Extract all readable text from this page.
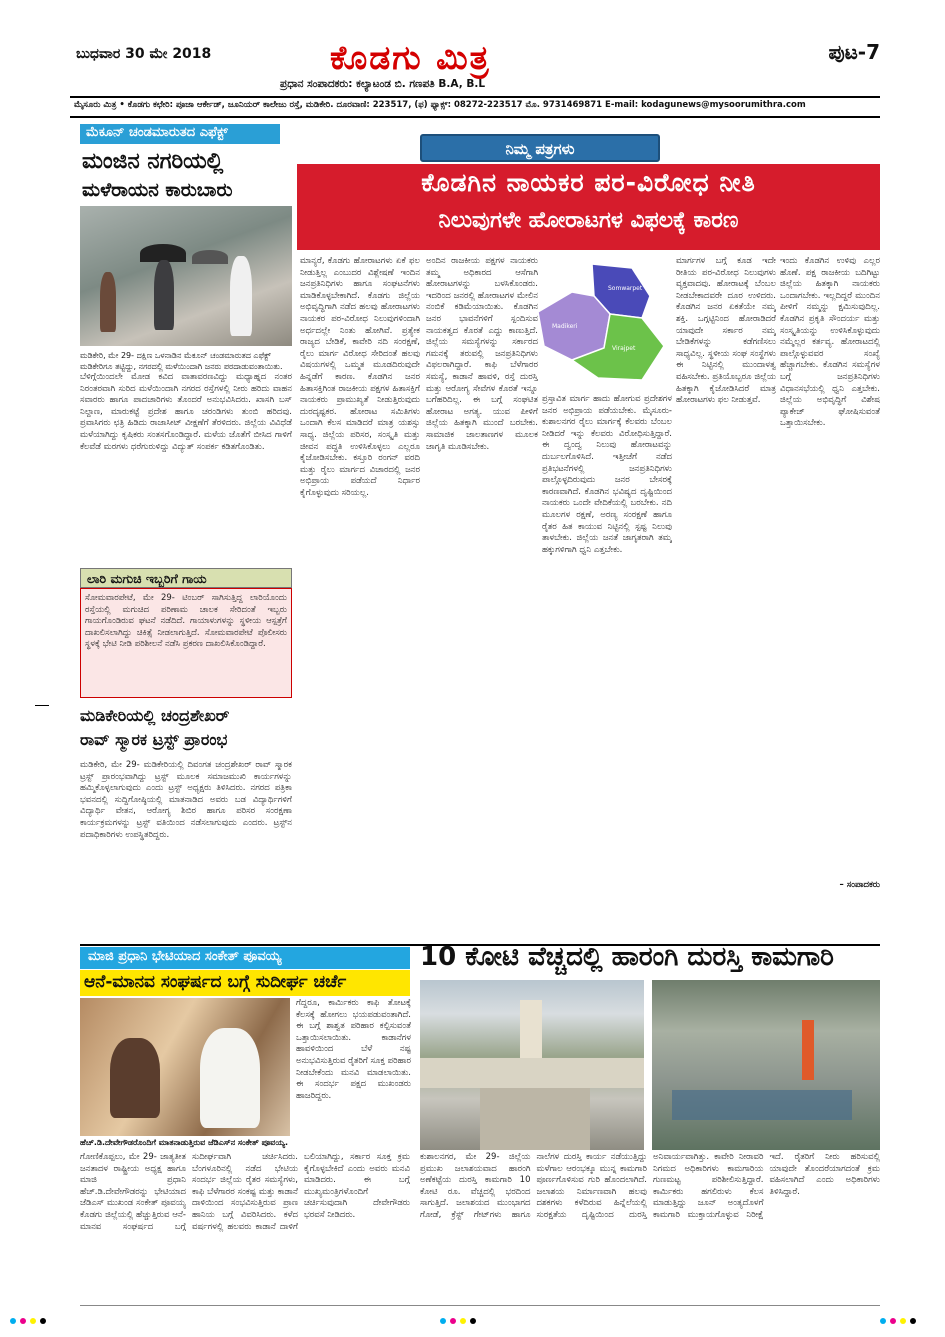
ಬುಧವಾರ 30 ಮೇ 2018	ಕೊಡಗು ಮಿತ್ರ
ಪ್ರಧಾನ ಸಂಪಾದಕರು: ಕಲ್ಯಾಟಂಡ ಬಿ. ಗಣಪತಿ B.A, B.L
ಪುಟ-7
ಮೈಸೂರು ಮಿತ್ರ • ಕೊಡಗು ಕಛೇರಿ: ಪೂಜಾ ಆರ್ಕೇಡ್, ಜೂನಿಯರ್ ಕಾಲೇಜು ರಸ್ತೆ, ಮಡಿಕೇರಿ. ದೂರವಾಣಿ: 223517, (ಫ) ಫ್ಯಾಕ್ಸ್: 08272-223517 ಮೊ. 9731469871 E-mail: kodagunews@mysoorumithra.com
ಮೆಕೂನ್ ಚಂಡಮಾರುತದ ಎಫೆಕ್ಟ್
ಮಂಜಿನ ನಗರಿಯಲ್ಲಿ
ಮಳೆರಾಯನ ಕಾರುಬಾರು
ಮಡಿಕೇರಿ, ಮೇ 29- ದಕ್ಷಿಣ ಒಳನಾಡಿನ ಮೆಕೂನ್ ಚಂಡಮಾರುತದ ಎಫೆಕ್ಟ್ ಮಡಿಕೇರಿಗೂ ತಟ್ಟಿದ್ದು, ನಗರದಲ್ಲಿ ಮಳೆಯಿಂದಾಗಿ ಜನರು ಪರದಾಡುವಂತಾಯಿತು.
ಬೆಳಿಗ್ಗೆಯಿಂದಲೇ ಮೋಡ ಕವಿದ ವಾತಾವರಣವಿದ್ದು ಮಧ್ಯಾಹ್ನದ ನಂತರ ನಿರಂತರವಾಗಿ ಸುರಿದ ಮಳೆಯಿಂದಾಗಿ ನಗರದ ರಸ್ತೆಗಳಲ್ಲಿ ನೀರು ಹರಿದು ವಾಹನ ಸವಾರರು ಹಾಗೂ ಪಾದಚಾರಿಗಳು ತೊಂದರೆ ಅನುಭವಿಸಿದರು. ಖಾಸಗಿ ಬಸ್ ನಿಲ್ದಾಣ, ಮಾರುಕಟ್ಟೆ ಪ್ರದೇಶ ಹಾಗೂ ಚರಂಡಿಗಳು ತುಂಬಿ ಹರಿದವು. ಪ್ರವಾಸಿಗರು ಛತ್ರಿ ಹಿಡಿದು ರಾಜಾಸೀಟ್ ವೀಕ್ಷಣೆಗೆ ತೆರಳಿದರು. ಜಿಲ್ಲೆಯ ವಿವಿಧೆಡೆ ಮಳೆಯಾಗಿದ್ದು ಕೃಷಿಕರು ಸಂತಸಗೊಂಡಿದ್ದಾರೆ. ಮಳೆಯ ಜೊತೆಗೆ ಬೀಸಿದ ಗಾಳಿಗೆ ಕೆಲವೆಡೆ ಮರಗಳು ಧರೆಗುರುಳಿದ್ದು ವಿದ್ಯುತ್ ಸಂಪರ್ಕ ಕಡಿತಗೊಂಡಿತು.
ಲಾರಿ ಮಗುಚಿ ಇಬ್ಬರಿಗೆ ಗಾಯ
ಸೋಮವಾರಪೇಟೆ, ಮೇ 29- ಟಿಂಬರ್ ಸಾಗಿಸುತ್ತಿದ್ದ ಲಾರಿಯೊಂದು ರಸ್ತೆಯಲ್ಲಿ ಮಗುಚಿದ ಪರಿಣಾಮ ಚಾಲಕ ಸೇರಿದಂತೆ ಇಬ್ಬರು ಗಾಯಗೊಂಡಿರುವ ಘಟನೆ ನಡೆದಿದೆ. ಗಾಯಾಳುಗಳನ್ನು ಸ್ಥಳೀಯ ಆಸ್ಪತ್ರೆಗೆ ದಾಖಲಿಸಲಾಗಿದ್ದು ಚಿಕಿತ್ಸೆ ನೀಡಲಾಗುತ್ತಿದೆ. ಸೋಮವಾರಪೇಟೆ ಪೊಲೀಸರು ಸ್ಥಳಕ್ಕೆ ಭೇಟಿ ನೀಡಿ ಪರಿಶೀಲನೆ ನಡೆಸಿ ಪ್ರಕರಣ ದಾಖಲಿಸಿಕೊಂಡಿದ್ದಾರೆ.
ಮಡಿಕೇರಿಯಲ್ಲಿ ಚಂದ್ರಶೇಖರ್
ರಾವ್ ಸ್ಮಾರಕ ಟ್ರಸ್ಟ್ ಪ್ರಾರಂಭ
ಮಡಿಕೇರಿ, ಮೇ 29- ಮಡಿಕೇರಿಯಲ್ಲಿ ದಿವಂಗತ ಚಂದ್ರಶೇಖರ್ ರಾವ್ ಸ್ಮಾರಕ ಟ್ರಸ್ಟ್ ಪ್ರಾರಂಭವಾಗಿದ್ದು ಟ್ರಸ್ಟ್ ಮೂಲಕ ಸಮಾಜಮುಖಿ ಕಾರ್ಯಗಳನ್ನು ಹಮ್ಮಿಕೊಳ್ಳಲಾಗುವುದು ಎಂದು ಟ್ರಸ್ಟ್ ಅಧ್ಯಕ್ಷರು ತಿಳಿಸಿದರು. ನಗರದ ಪತ್ರಿಕಾ ಭವನದಲ್ಲಿ ಸುದ್ದಿಗೋಷ್ಠಿಯಲ್ಲಿ ಮಾತನಾಡಿದ ಅವರು ಬಡ ವಿದ್ಯಾರ್ಥಿಗಳಿಗೆ ವಿದ್ಯಾರ್ಥಿ ವೇತನ, ಆರೋಗ್ಯ ಶಿಬಿರ ಹಾಗೂ ಪರಿಸರ ಸಂರಕ್ಷಣಾ ಕಾರ್ಯಕ್ರಮಗಳನ್ನು ಟ್ರಸ್ಟ್ ವತಿಯಿಂದ ನಡೆಸಲಾಗುವುದು ಎಂದರು. ಟ್ರಸ್ಟ್‌ನ ಪದಾಧಿಕಾರಿಗಳು ಉಪಸ್ಥಿತರಿದ್ದರು.
ನಿಮ್ಮ ಪತ್ರಗಳು
ಕೊಡಗಿನ ನಾಯಕರ ಪರ-ವಿರೋಧ ನೀತಿ
ನಿಲುವುಗಳೇ ಹೋರಾಟಗಳ ವಿಫಲಕ್ಕೆ ಕಾರಣ
ಮಾನ್ಯರೆ, ಕೊಡಗು ಹೋರಾಟಗಳು ಏಕೆ ಫಲ ನೀಡುತ್ತಿಲ್ಲ ಎಂಬುದರ ವಿಶ್ಲೇಷಣೆ ಇಂದಿನ ಜನಪ್ರತಿನಿಧಿಗಳು ಹಾಗೂ ಸಂಘಟನೆಗಳು ಮಾಡಿಕೊಳ್ಳಬೇಕಾಗಿದೆ. ಕೊಡಗು ಜಿಲ್ಲೆಯ ಅಭಿವೃದ್ಧಿಗಾಗಿ ನಡೆದ ಹಲವು ಹೋರಾಟಗಳು ನಾಯಕರ ಪರ-ವಿರೋಧ ನಿಲುವುಗಳಿಂದಾಗಿ ಅರ್ಧದಲ್ಲೇ ನಿಂತು ಹೋಗಿವೆ. ಪ್ರತ್ಯೇಕ ರಾಜ್ಯದ ಬೇಡಿಕೆ, ಕಾವೇರಿ ನದಿ ಸಂರಕ್ಷಣೆ, ರೈಲು ಮಾರ್ಗ ವಿರೋಧ ಸೇರಿದಂತೆ ಹಲವು ವಿಷಯಗಳಲ್ಲಿ ಒಮ್ಮತ ಮೂಡದಿರುವುದೇ ಹಿನ್ನಡೆಗೆ ಕಾರಣ. ಕೊಡಗಿನ ಜನರ ಹಿತಾಸಕ್ತಿಗಿಂತ ರಾಜಕೀಯ ಪಕ್ಷಗಳ ಹಿತಾಸಕ್ತಿಗೆ ನಾಯಕರು ಪ್ರಾಮುಖ್ಯತೆ ನೀಡುತ್ತಿರುವುದು ದುರದೃಷ್ಟಕರ. ಹೋರಾಟ ಸಮಿತಿಗಳು ಒಂದಾಗಿ ಕೆಲಸ ಮಾಡಿದರೆ ಮಾತ್ರ ಯಶಸ್ಸು ಸಾಧ್ಯ. ಜಿಲ್ಲೆಯ ಪರಿಸರ, ಸಂಸ್ಕೃತಿ ಮತ್ತು ಜೀವನ ಪದ್ಧತಿ ಉಳಿಸಿಕೊಳ್ಳಲು ಎಲ್ಲರೂ ಕೈಜೋಡಿಸಬೇಕು. ಕಸ್ತೂರಿ ರಂಗನ್ ವರದಿ ಮತ್ತು ರೈಲು ಮಾರ್ಗದ ವಿಚಾರದಲ್ಲಿ ಜನರ ಅಭಿಪ್ರಾಯ ಪಡೆಯದೆ ನಿರ್ಧಾರ ಕೈಗೊಳ್ಳುವುದು ಸರಿಯಲ್ಲ.
ಅಂದಿನ ರಾಜಕೀಯ ಪಕ್ಷಗಳ ನಾಯಕರು ತಮ್ಮ ಅಧಿಕಾರದ ಆಸೆಗಾಗಿ ಹೋರಾಟಗಳನ್ನು ಬಳಸಿಕೊಂಡರು. ಇದರಿಂದ ಜನರಲ್ಲಿ ಹೋರಾಟಗಳ ಮೇಲಿನ ನಂಬಿಕೆ ಕಡಿಮೆಯಾಯಿತು. ಕೊಡಗಿನ ಜನರ ಭಾವನೆಗಳಿಗೆ ಸ್ಪಂದಿಸುವ ನಾಯಕತ್ವದ ಕೊರತೆ ಎದ್ದು ಕಾಣುತ್ತಿದೆ. ಜಿಲ್ಲೆಯ ಸಮಸ್ಯೆಗಳನ್ನು ಸರ್ಕಾರದ ಗಮನಕ್ಕೆ ತರುವಲ್ಲಿ ಜನಪ್ರತಿನಿಧಿಗಳು ವಿಫಲರಾಗಿದ್ದಾರೆ. ಕಾಫಿ ಬೆಳೆಗಾರರ ಸಮಸ್ಯೆ, ಕಾಡಾನೆ ಹಾವಳಿ, ರಸ್ತೆ ದುರಸ್ತಿ ಮತ್ತು ಆರೋಗ್ಯ ಸೇವೆಗಳ ಕೊರತೆ ಇನ್ನೂ ಬಗೆಹರಿದಿಲ್ಲ. ಈ ಬಗ್ಗೆ ಸಂಘಟಿತ ಹೋರಾಟ ಅಗತ್ಯ. ಯುವ ಪೀಳಿಗೆ ಜಿಲ್ಲೆಯ ಹಿತಕ್ಕಾಗಿ ಮುಂದೆ ಬರಬೇಕು. ಸಾಮಾಜಿಕ ಜಾಲತಾಣಗಳ ಮೂಲಕ ಜಾಗೃತಿ ಮೂಡಿಸಬೇಕು.
ಪ್ರಸ್ತಾವಿತ ಮಾರ್ಗ ಹಾದು ಹೋಗುವ ಪ್ರದೇಶಗಳ ಜನರ ಅಭಿಪ್ರಾಯ ಪಡೆಯಬೇಕು. ಮೈಸೂರು-ಕುಶಾಲನಗರ ರೈಲು ಮಾರ್ಗಕ್ಕೆ ಕೆಲವರು ಬೆಂಬಲ ನೀಡಿದರೆ ಇನ್ನು ಕೆಲವರು ವಿರೋಧಿಸುತ್ತಿದ್ದಾರೆ. ಈ ದ್ವಂದ್ವ ನಿಲುವು ಹೋರಾಟವನ್ನು ದುರ್ಬಲಗೊಳಿಸಿದೆ. ಇತ್ತೀಚೆಗೆ ನಡೆದ ಪ್ರತಿಭಟನೆಗಳಲ್ಲಿ ಜನಪ್ರತಿನಿಧಿಗಳು ಪಾಲ್ಗೊಳ್ಳದಿರುವುದು ಜನರ ಬೇಸರಕ್ಕೆ ಕಾರಣವಾಗಿದೆ. ಕೊಡಗಿನ ಭವಿಷ್ಯದ ದೃಷ್ಟಿಯಿಂದ ನಾಯಕರು ಒಂದೇ ವೇದಿಕೆಯಲ್ಲಿ ಬರಬೇಕು. ನದಿ ಮೂಲಗಳ ರಕ್ಷಣೆ, ಅರಣ್ಯ ಸಂರಕ್ಷಣೆ ಹಾಗೂ ರೈತರ ಹಿತ ಕಾಯುವ ನಿಟ್ಟಿನಲ್ಲಿ ಸ್ಪಷ್ಟ ನಿಲುವು ತಾಳಬೇಕು. ಜಿಲ್ಲೆಯ ಜನತೆ ಜಾಗೃತರಾಗಿ ತಮ್ಮ ಹಕ್ಕುಗಳಿಗಾಗಿ ಧ್ವನಿ ಎತ್ತಬೇಕು.
Somwarpet
Madikeri
Virajpet
ಮಾರ್ಗಗಳ ಬಗ್ಗೆ ಕೂಡ ಇದೇ ರೀತಿಯ ಪರ-ವಿರೋಧ ನಿಲುವುಗಳು ವ್ಯಕ್ತವಾದವು. ಹೋರಾಟಕ್ಕೆ ಬೆಂಬಲ ನೀಡಬೇಕಾದವರೇ ದೂರ ಉಳಿದರು. ಕೊಡಗಿನ ಜನರ ಏಕತೆಯೇ ನಮ್ಮ ಶಕ್ತಿ. ಒಗ್ಗಟ್ಟಿನಿಂದ ಹೋರಾಡಿದರೆ ಯಾವುದೇ ಸರ್ಕಾರ ನಮ್ಮ ಬೇಡಿಕೆಗಳನ್ನು ಕಡೆಗಣಿಸಲು ಸಾಧ್ಯವಿಲ್ಲ. ಸ್ಥಳೀಯ ಸಂಘ ಸಂಸ್ಥೆಗಳು ಈ ನಿಟ್ಟಿನಲ್ಲಿ ಮುಂದಾಳತ್ವ ವಹಿಸಬೇಕು. ಪ್ರತಿಯೊಬ್ಬರೂ ಜಿಲ್ಲೆಯ ಹಿತಕ್ಕಾಗಿ ಕೈಜೋಡಿಸಿದರೆ ಮಾತ್ರ ಹೋರಾಟಗಳು ಫಲ ನೀಡುತ್ತವೆ.
ಇಂದು ಕೊಡಗಿನ ಉಳಿವು ಎಲ್ಲರ ಹೊಣೆ. ಪಕ್ಷ ರಾಜಕೀಯ ಬದಿಗಿಟ್ಟು ಜಿಲ್ಲೆಯ ಹಿತಕ್ಕಾಗಿ ನಾಯಕರು ಒಂದಾಗಬೇಕು. ಇಲ್ಲದಿದ್ದರೆ ಮುಂದಿನ ಪೀಳಿಗೆ ನಮ್ಮನ್ನು ಕ್ಷಮಿಸುವುದಿಲ್ಲ. ಕೊಡಗಿನ ಪ್ರಕೃತಿ ಸೌಂದರ್ಯ ಮತ್ತು ಸಂಸ್ಕೃತಿಯನ್ನು ಉಳಿಸಿಕೊಳ್ಳುವುದು ನಮ್ಮೆಲ್ಲರ ಕರ್ತವ್ಯ. ಹೋರಾಟದಲ್ಲಿ ಪಾಲ್ಗೊಳ್ಳುವವರ ಸಂಖ್ಯೆ ಹೆಚ್ಚಾಗಬೇಕು. ಕೊಡಗಿನ ಸಮಸ್ಯೆಗಳ ಬಗ್ಗೆ ಜನಪ್ರತಿನಿಧಿಗಳು ವಿಧಾನಸಭೆಯಲ್ಲಿ ಧ್ವನಿ ಎತ್ತಬೇಕು. ಜಿಲ್ಲೆಯ ಅಭಿವೃದ್ಧಿಗೆ ವಿಶೇಷ ಪ್ಯಾಕೇಜ್ ಘೋಷಿಸುವಂತೆ ಒತ್ತಾಯಿಸಬೇಕು.
– ಸಂಪಾದಕರು
ಮಾಜಿ ಪ್ರಧಾನಿ ಭೇಟಿಯಾದ ಸಂಕೇತ್ ಪೂವಯ್ಯ
ಆನೆ-ಮಾನವ ಸಂಘರ್ಷದ ಬಗ್ಗೆ ಸುದೀರ್ಘ ಚರ್ಚೆ
ಹೆಚ್.ಡಿ.ದೇವೇಗೌಡರೊಂದಿಗೆ ಮಾತನಾಡುತ್ತಿರುವ ಜೆಡಿಎಸ್‌ನ ಸಂಕೇತ್ ಪೂವಯ್ಯ.
ಗೆದ್ದರೂ, ಕಾರ್ಮಿಕರು ಕಾಫಿ ತೋಟಕ್ಕೆ ಕೆಲಸಕ್ಕೆ ಹೋಗಲು ಭಯಪಡುವಂತಾಗಿದೆ. ಈ ಬಗ್ಗೆ ಶಾಶ್ವತ ಪರಿಹಾರ ಕಲ್ಪಿಸುವಂತೆ ಒತ್ತಾಯಿಸಲಾಯಿತು. ಕಾಡಾನೆಗಳ ಹಾವಳಿಯಿಂದ ಬೆಳೆ ನಷ್ಟ ಅನುಭವಿಸುತ್ತಿರುವ ರೈತರಿಗೆ ಸೂಕ್ತ ಪರಿಹಾರ ನೀಡಬೇಕೆಂದು ಮನವಿ ಮಾಡಲಾಯಿತು. ಈ ಸಂದರ್ಭ ಪಕ್ಷದ ಮುಖಂಡರು ಹಾಜರಿದ್ದರು.
ಗೋಣಿಕೊಪ್ಪಲು, ಮೇ 29- ಜಾತ್ಯತೀತ ಜನತಾದಳ ರಾಷ್ಟ್ರೀಯ ಅಧ್ಯಕ್ಷ ಹಾಗೂ ಮಾಜಿ ಪ್ರಧಾನಿ ಹೆಚ್.ಡಿ.ದೇವೇಗೌಡರನ್ನು ಭೇಟಿಯಾದ ಜೆಡಿಎಸ್ ಮುಖಂಡ ಸಂಕೇತ್ ಪೂವಯ್ಯ ಕೊಡಗು ಜಿಲ್ಲೆಯಲ್ಲಿ ಹೆಚ್ಚುತ್ತಿರುವ ಆನೆ-ಮಾನವ ಸಂಘರ್ಷದ ಬಗ್ಗೆ ಸುದೀರ್ಘವಾಗಿ ಚರ್ಚಿಸಿದರು. ಬೆಂಗಳೂರಿನಲ್ಲಿ ನಡೆದ ಭೇಟಿಯ ಸಂದರ್ಭ ಜಿಲ್ಲೆಯ ರೈತರ ಸಮಸ್ಯೆಗಳು, ಕಾಫಿ ಬೆಳೆಗಾರರ ಸಂಕಷ್ಟ ಮತ್ತು ಕಾಡಾನೆ ದಾಳಿಯಿಂದ ಸಂಭವಿಸುತ್ತಿರುವ ಪ್ರಾಣ ಹಾನಿಯ ಬಗ್ಗೆ ವಿವರಿಸಿದರು. ಕಳೆದ ವರ್ಷಗಳಲ್ಲಿ ಹಲವರು ಕಾಡಾನೆ ದಾಳಿಗೆ ಬಲಿಯಾಗಿದ್ದು, ಸರ್ಕಾರ ಸೂಕ್ತ ಕ್ರಮ ಕೈಗೊಳ್ಳಬೇಕಿದೆ ಎಂದು ಅವರು ಮನವಿ ಮಾಡಿದರು. ಈ ಬಗ್ಗೆ ಮುಖ್ಯಮಂತ್ರಿಗಳೊಂದಿಗೆ ಚರ್ಚಿಸುವುದಾಗಿ ದೇವೇಗೌಡರು ಭರವಸೆ ನೀಡಿದರು.
10 ಕೋಟಿ ವೆಚ್ಚದಲ್ಲಿ ಹಾರಂಗಿ ದುರಸ್ತಿ ಕಾಮಗಾರಿ
ಕುಶಾಲನಗರ, ಮೇ 29- ಜಿಲ್ಲೆಯ ಪ್ರಮುಖ ಜಲಾಶಯವಾದ ಹಾರಂಗಿ ಅಣೆಕಟ್ಟೆಯ ದುರಸ್ತಿ ಕಾಮಗಾರಿ 10 ಕೋಟಿ ರೂ. ವೆಚ್ಚದಲ್ಲಿ ಭರದಿಂದ ಸಾಗುತ್ತಿದೆ. ಜಲಾಶಯದ ಮುಂಭಾಗದ ಗೋಡೆ, ಕ್ರೆಸ್ಟ್ ಗೇಟ್‌ಗಳು ಹಾಗೂ ನಾಲೆಗಳ ದುರಸ್ತಿ ಕಾರ್ಯ ನಡೆಯುತ್ತಿದ್ದು ಮಳೆಗಾಲ ಆರಂಭಕ್ಕೂ ಮುನ್ನ ಕಾಮಗಾರಿ ಪೂರ್ಣಗೊಳಿಸುವ ಗುರಿ ಹೊಂದಲಾಗಿದೆ. ಜಲಾಶಯ ನಿರ್ಮಾಣವಾಗಿ ಹಲವು ದಶಕಗಳು ಕಳೆದಿರುವ ಹಿನ್ನೆಲೆಯಲ್ಲಿ ಸುರಕ್ಷತೆಯ ದೃಷ್ಟಿಯಿಂದ ದುರಸ್ತಿ ಅನಿವಾರ್ಯವಾಗಿತ್ತು. ಕಾವೇರಿ ನೀರಾವರಿ ನಿಗಮದ ಅಧಿಕಾರಿಗಳು ಕಾಮಗಾರಿಯ ಗುಣಮಟ್ಟ ಪರಿಶೀಲಿಸುತ್ತಿದ್ದಾರೆ. ಕಾರ್ಮಿಕರು ಹಗಲಿರುಳು ಕೆಲಸ ಮಾಡುತ್ತಿದ್ದು ಜೂನ್ ಅಂತ್ಯದೊಳಗೆ ಕಾಮಗಾರಿ ಮುಕ್ತಾಯಗೊಳ್ಳುವ ನಿರೀಕ್ಷೆ ಇದೆ. ರೈತರಿಗೆ ನೀರು ಹರಿಸುವಲ್ಲಿ ಯಾವುದೇ ತೊಂದರೆಯಾಗದಂತೆ ಕ್ರಮ ವಹಿಸಲಾಗಿದೆ ಎಂದು ಅಧಿಕಾರಿಗಳು ತಿಳಿಸಿದ್ದಾರೆ.
